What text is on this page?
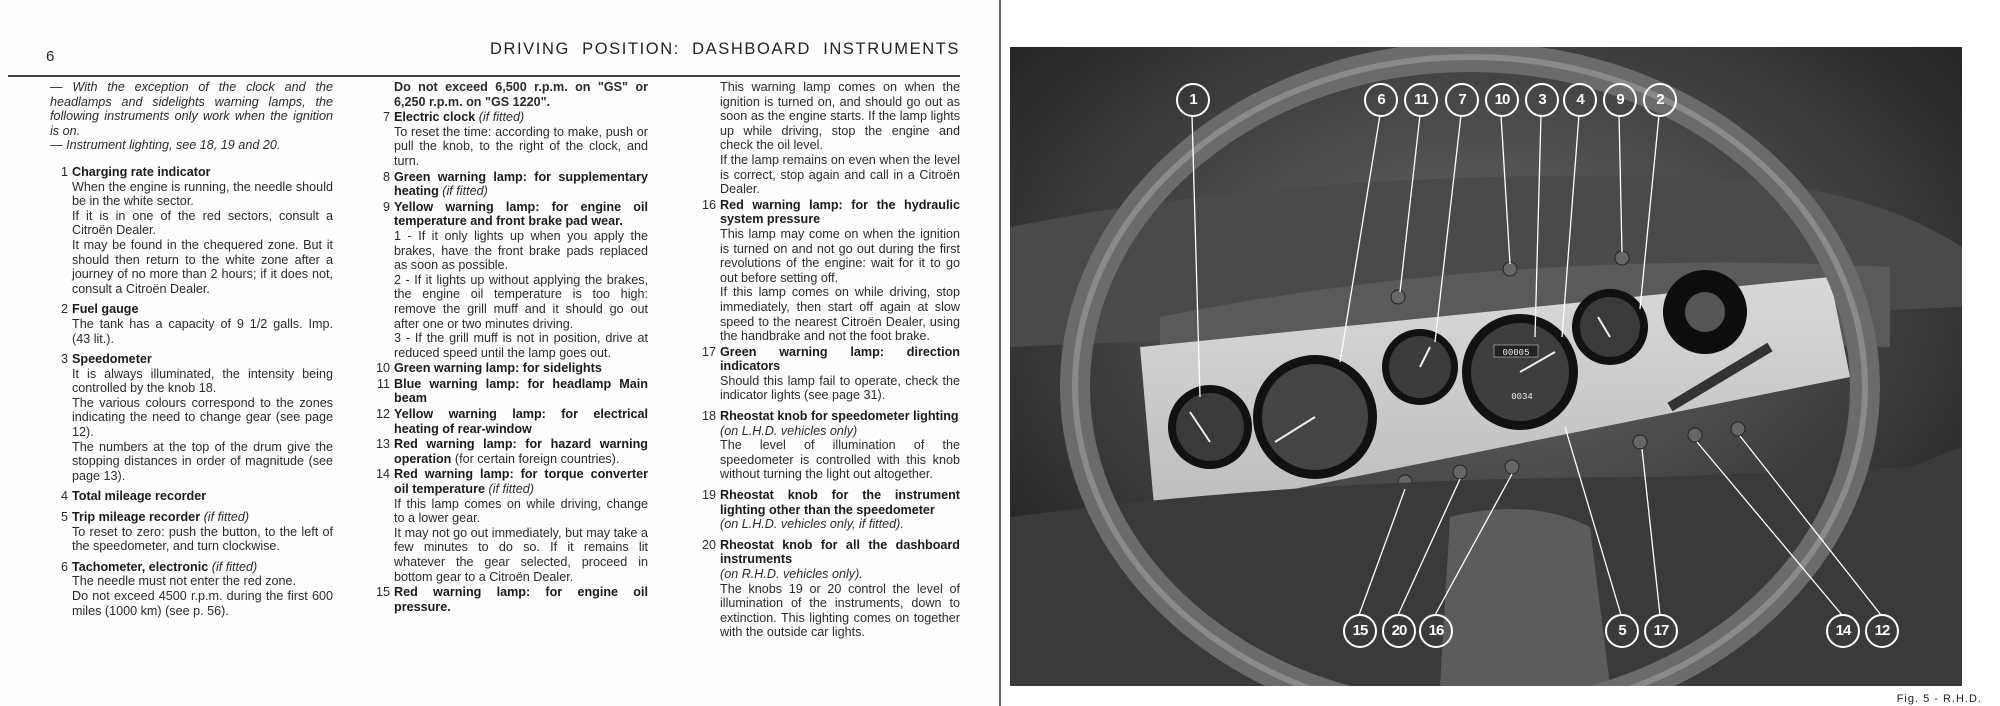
6	DRIVING POSITION: DASHBOARD INSTRUMENTS

— With the exception of the clock and the headlamps and sidelights warning lamps, the following instruments only work when the ignition is on.

— Instrument lighting, see 18, 19 and 20.

1 Charging rate indicator

When the engine is running, the needle should be in the white sector.

If it is in one of the red sectors, consult a Citroën Dealer.

It may be found in the chequered zone. But it should then return to the white zone after a journey of no more than 2 hours; if it does not, consult a Citroën Dealer.

2 Fuel gauge

The tank has a capacity of 9 1/2 galls. Imp. (43 lit.).

3 Speedometer

It is always illuminated, the intensity being controlled by the knob 18.

The various colours correspond to the zones indicating the need to change gear (see page 12).

The numbers at the top of the drum give the stopping distances in order of magnitude (see page 13).

4 Total mileage recorder
5 Trip mileage recorder (if fitted)

To reset to zero: push the button, to the left of the speedometer, and turn clockwise.

6 Tachometer, electronic (if fitted)

The needle must not enter the red zone.

Do not exceed 4500 r.p.m. during the first 600 miles (1000 km) (see p. 56).

Do not exceed 6,500 r.p.m. on "GS" or 6,250 r.p.m. on "GS 1220".

7 Electric clock (if fitted)

To reset the time: according to make, push or pull the knob, to the right of the clock, and turn.

8 Green warning lamp: for supplementary heating (if fitted)
9 Yellow warning lamp: for engine oil temperature and front brake pad wear.

1 - If it only lights up when you apply the brakes, have the front brake pads replaced as soon as possible.

2 - If it lights up without applying the brakes, the engine oil temperature is too high: remove the grill muff and it should go out after one or two minutes driving.

3 - If the grill muff is not in position, drive at reduced speed until the lamp goes out.

10 Green warning lamp: for sidelights
11 Blue warning lamp: for headlamp Main beam
12 Yellow warning lamp: for electrical heating of rear-window
13 Red warning lamp: for hazard warning operation (for certain foreign countries).
14 Red warning lamp: for torque converter oil temperature (if fitted)

If this lamp comes on while driving, change to a lower gear.

It may not go out immediately, but may take a few minutes to do so. If it remains lit whatever the gear selected, proceed in bottom gear to a Citroën Dealer.

15 Red warning lamp: for engine oil pressure.

This warning lamp comes on when the ignition is turned on, and should go out as soon as the engine starts. If the lamp lights up while driving, stop the engine and check the oil level.

If the lamp remains on even when the level is correct, stop again and call in a Citroën Dealer.

16 Red warning lamp: for the hydraulic system pressure

This lamp may come on when the ignition is turned on and not go out during the first revolutions of the engine: wait for it to go out before setting off.

If this lamp comes on while driving, stop immediately, then start off again at slow speed to the nearest Citroën Dealer, using the handbrake and not the foot brake.

17 Green warning lamp: direction indicators

Should this lamp fail to operate, check the indicator lights (see page 31).

18 Rheostat knob for speedometer lighting
(on L.H.D. vehicles only)

The level of illumination of the speedometer is controlled with this knob without turning the light out altogether.

19 Rheostat knob for the instrument lighting other than the speedometer
(on L.H.D. vehicles only, if fitted).
20 Rheostat knob for all the dashboard instruments
(on R.H.D. vehicles only).

The knobs 19 or 20 control the level of illumination of the instruments, down to extinction. This lighting comes on together with the outside car lights.

00005
0034
1	6	11	7	10	3	4	9	2
15	20	16	5	17	14	12
Fig. 5 - R.H.D.
